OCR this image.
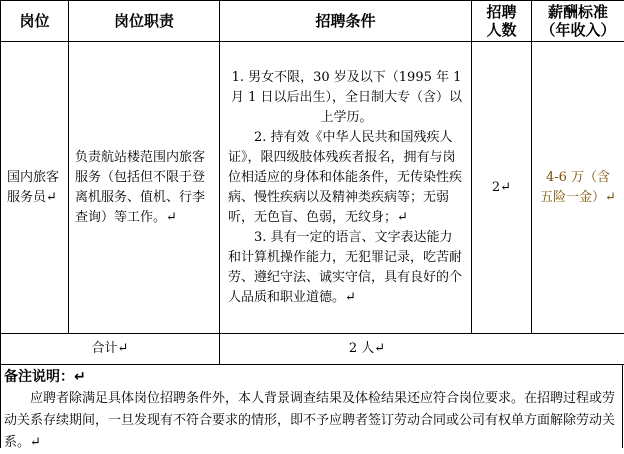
岗位	岗位职责	招聘条件	招聘人数	薪酬标准（年收入）
国内旅客服务员↵	负责航站楼范围内旅客服务（包括但不限于登离机服务、值机、行李查询）等工作。↵	1. 男女不限，30 岁及以下（1995 年 1 月 1 日以后出生），全日制大专（含）以上学历。

2. 持有效《中华人民共和国残疾人证》，限四级肢体残疾者报名，拥有与岗位相适应的身体和体能条件，无传染性疾病、慢性疾病以及精神类疾病等；无弱听，无色盲、色弱，无纹身；↵

3. 具有一定的语言、文字表达能力和计算机操作能力，无犯罪记录，吃苦耐劳、遵纪守法、诚实守信，具有良好的个人品质和职业道德。↵	2↵	4-6 万（含五险一金）↵
合计↵		2 人↵		
备注说明：↵
应聘者除满足具体岗位招聘条件外，本人背景调查结果及体检结果还应符合岗位要求。在招聘过程或劳动关系存续期间，一旦发现有不符合要求的情形，即不予应聘者签订劳动合同或公司有权单方面解除劳动关系。↵
